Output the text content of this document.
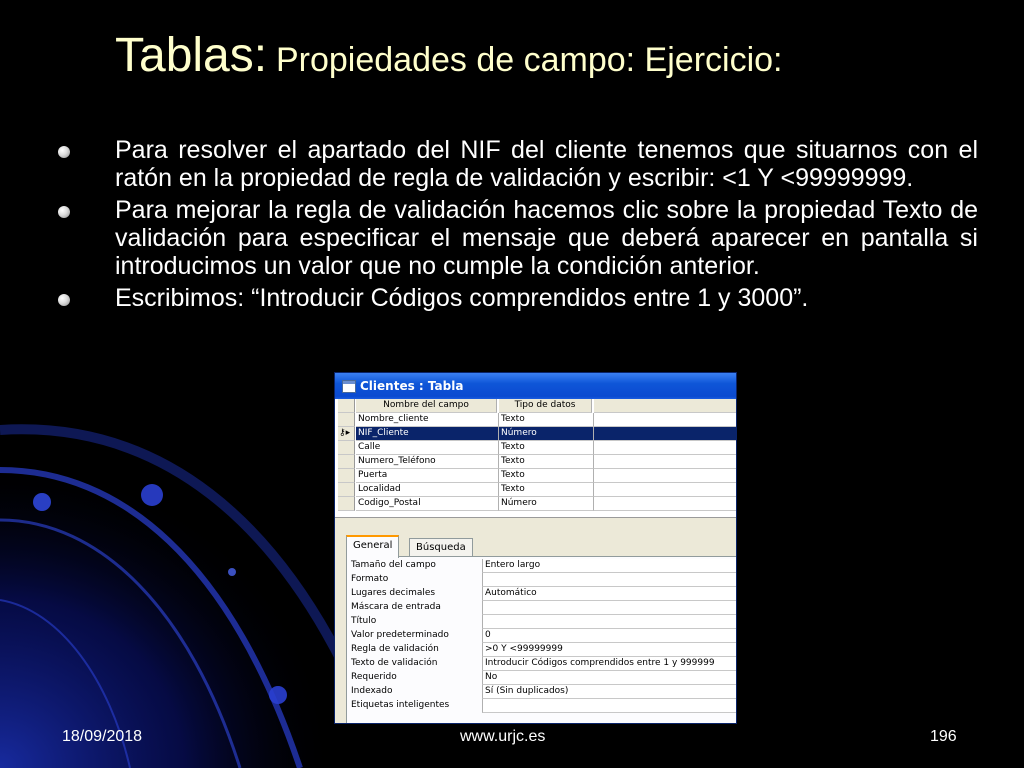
Tablas: Propiedades de campo: Ejercicio:
Para resolver el apartado del NIF del cliente tenemos que situarnos con el ratón en la propiedad de regla de validación y escribir: <1 Y <99999999.
Para mejorar la regla de validación hacemos clic sobre la propiedad Texto de validación para especificar el mensaje que deberá aparecer en pantalla si introducimos un valor que no cumple la condición anterior.
Escribimos: “Introducir Códigos comprendidos entre 1 y 3000”.
Clientes : Tabla
Nombre del campo	Tipo de datos
Nombre_cliente	Texto
⚷▸ NIF_Cliente	Número
Calle	Texto
Numero_Teléfono	Texto
Puerta	Texto
Localidad	Texto
Codigo_Postal	Número
General	Búsqueda
Tamaño del campo	Entero largo
Formato
Lugares decimales	Automático
Máscara de entrada
Título
Valor predeterminado	0
Regla de validación	>0 Y <99999999
Texto de validación	Introducir Códigos comprendidos entre 1 y 999999
Requerido	No
Indexado	Sí (Sin duplicados)
Etiquetas inteligentes
18/09/2018	www.urjc.es	196
